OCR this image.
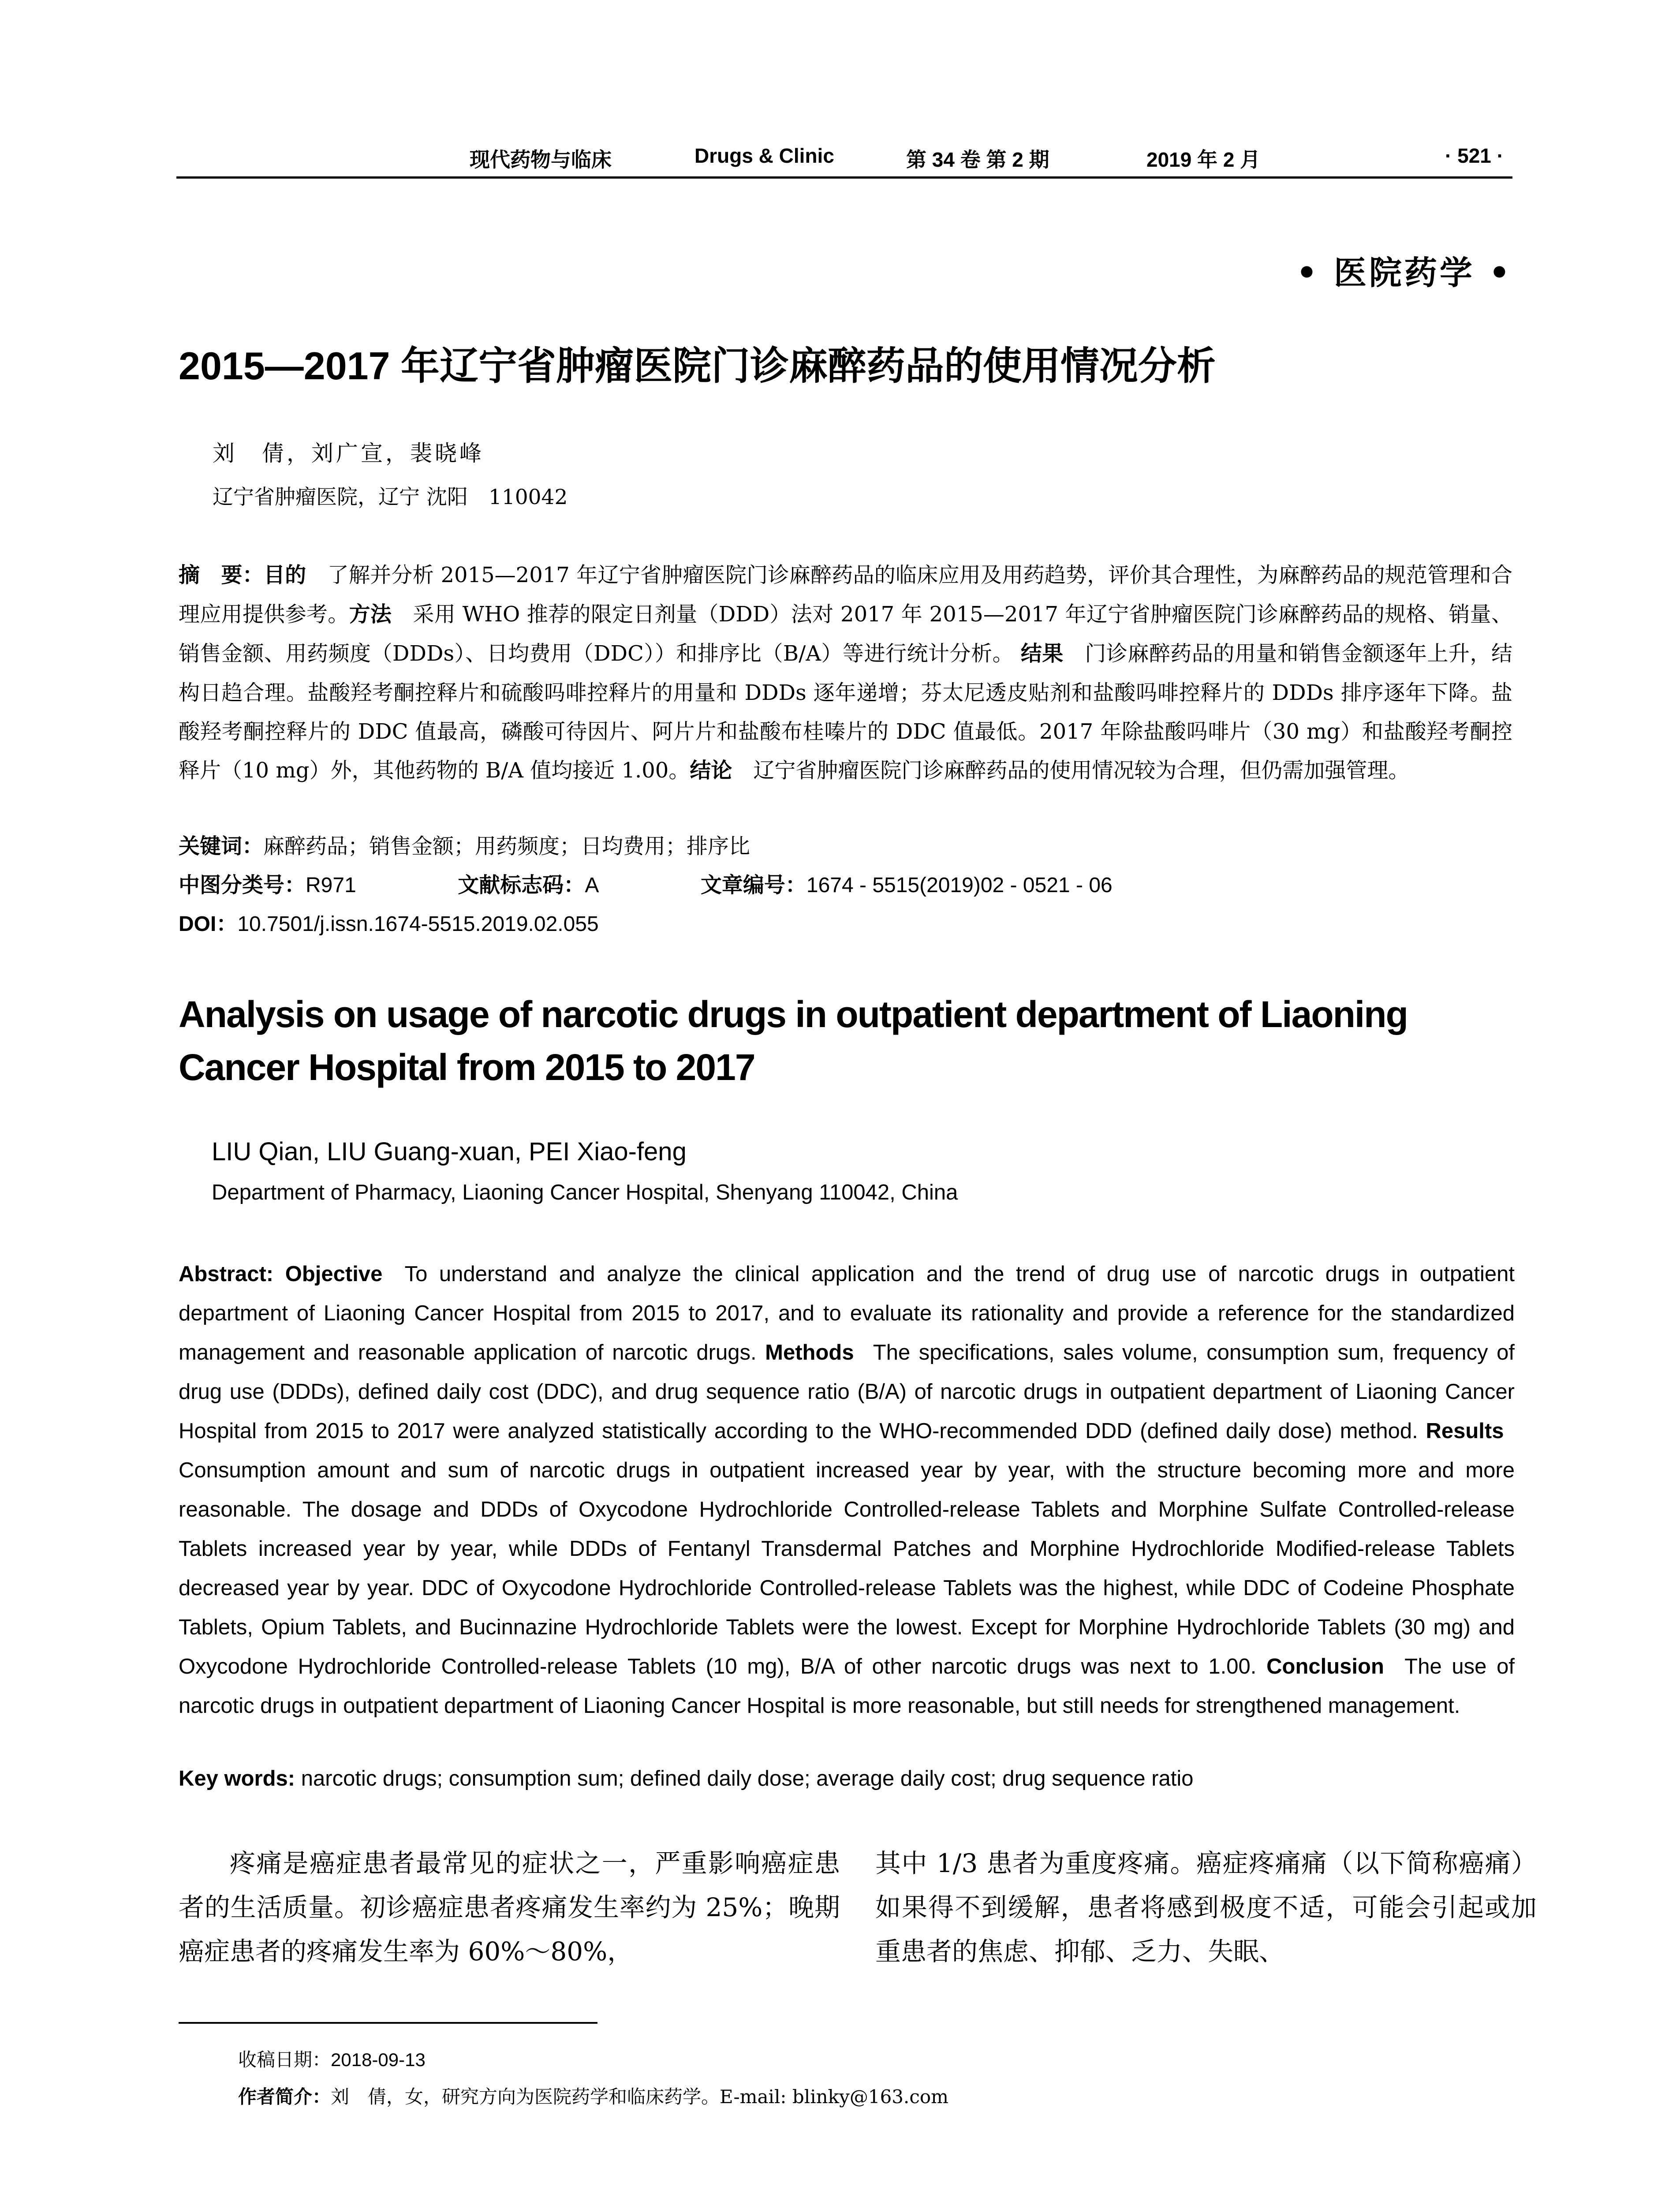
现代药物与临床	Drugs & Clinic	第 34 卷 第 2 期	2019 年 2 月	· 521 ·
• 医院药学 •
2015—2017 年辽宁省肿瘤医院门诊麻醉药品的使用情况分析
刘　倩，刘广宣，裴晓峰
辽宁省肿瘤医院，辽宁 沈阳　110042
摘　要：目的  了解并分析 2015—2017 年辽宁省肿瘤医院门诊麻醉药品的临床应用及用药趋势，评价其合理性，为麻醉药品的规范管理和合理应用提供参考。方法  采用 WHO 推荐的限定日剂量（DDD）法对 2017 年 2015—2017 年辽宁省肿瘤医院门诊麻醉药品的规格、销量、销售金额、用药频度（DDDs）、日均费用（DDC））和排序比（B/A）等进行统计分析。 结果  门诊麻醉药品的用量和销售金额逐年上升，结构日趋合理。盐酸羟考酮控释片和硫酸吗啡控释片的用量和 DDDs 逐年递增；芬太尼透皮贴剂和盐酸吗啡控释片的 DDDs 排序逐年下降。盐酸羟考酮控释片的 DDC 值最高，磷酸可待因片、阿片片和盐酸布桂嗪片的 DDC 值最低。2017 年除盐酸吗啡片（30 mg）和盐酸羟考酮控释片（10 mg）外，其他药物的 B/A 值均接近 1.00。结论  辽宁省肿瘤医院门诊麻醉药品的使用情况较为合理，但仍需加强管理。
关键词：麻醉药品；销售金额；用药频度；日均费用；排序比
中图分类号：R971	文献标志码：A	文章编号：1674 - 5515(2019)02 - 0521 - 06
DOI：10.7501/j.issn.1674-5515.2019.02.055
Analysis on usage of narcotic drugs in outpatient department of Liaoning Cancer Hospital from 2015 to 2017
LIU Qian, LIU Guang-xuan, PEI Xiao-feng
Department of Pharmacy, Liaoning Cancer Hospital, Shenyang 110042, China
Abstract: Objective  To understand and analyze the clinical application and the trend of drug use of narcotic drugs in outpatient department of Liaoning Cancer Hospital from 2015 to 2017, and to evaluate its rationality and provide a reference for the standardized management and reasonable application of narcotic drugs. Methods  The specifications, sales volume, consumption sum, frequency of drug use (DDDs), defined daily cost (DDC), and drug sequence ratio (B/A) of narcotic drugs in outpatient department of Liaoning Cancer Hospital from 2015 to 2017 were analyzed statistically according to the WHO-recommended DDD (defined daily dose) method. Results  Consumption amount and sum of narcotic drugs in outpatient increased year by year, with the structure becoming more and more reasonable. The dosage and DDDs of Oxycodone Hydrochloride Controlled-release Tablets and Morphine Sulfate Controlled-release Tablets increased year by year, while DDDs of Fentanyl Transdermal Patches and Morphine Hydrochloride Modified-release Tablets decreased year by year. DDC of Oxycodone Hydrochloride Controlled-release Tablets was the highest, while DDC of Codeine Phosphate Tablets, Opium Tablets, and Bucinnazine Hydrochloride Tablets were the lowest. Except for Morphine Hydrochloride Tablets (30 mg) and Oxycodone Hydrochloride Controlled-release Tablets (10 mg), B/A of other narcotic drugs was next to 1.00. Conclusion  The use of narcotic drugs in outpatient department of Liaoning Cancer Hospital is more reasonable, but still needs for strengthened management.
Key words: narcotic drugs; consumption sum; defined daily dose; average daily cost; drug sequence ratio
疼痛是癌症患者最常见的症状之一，严重影响癌症患者的生活质量。初诊癌症患者疼痛发生率约为 25%；晚期癌症患者的疼痛发生率为 60%～80%，
其中 1/3 患者为重度疼痛。癌症疼痛痛（以下简称癌痛）如果得不到缓解，患者将感到极度不适，可能会引起或加重患者的焦虑、抑郁、乏力、失眠、
收稿日期：2018-09-13
作者简介：刘　倩，女，研究方向为医院药学和临床药学。E-mail: blinky@163.com
